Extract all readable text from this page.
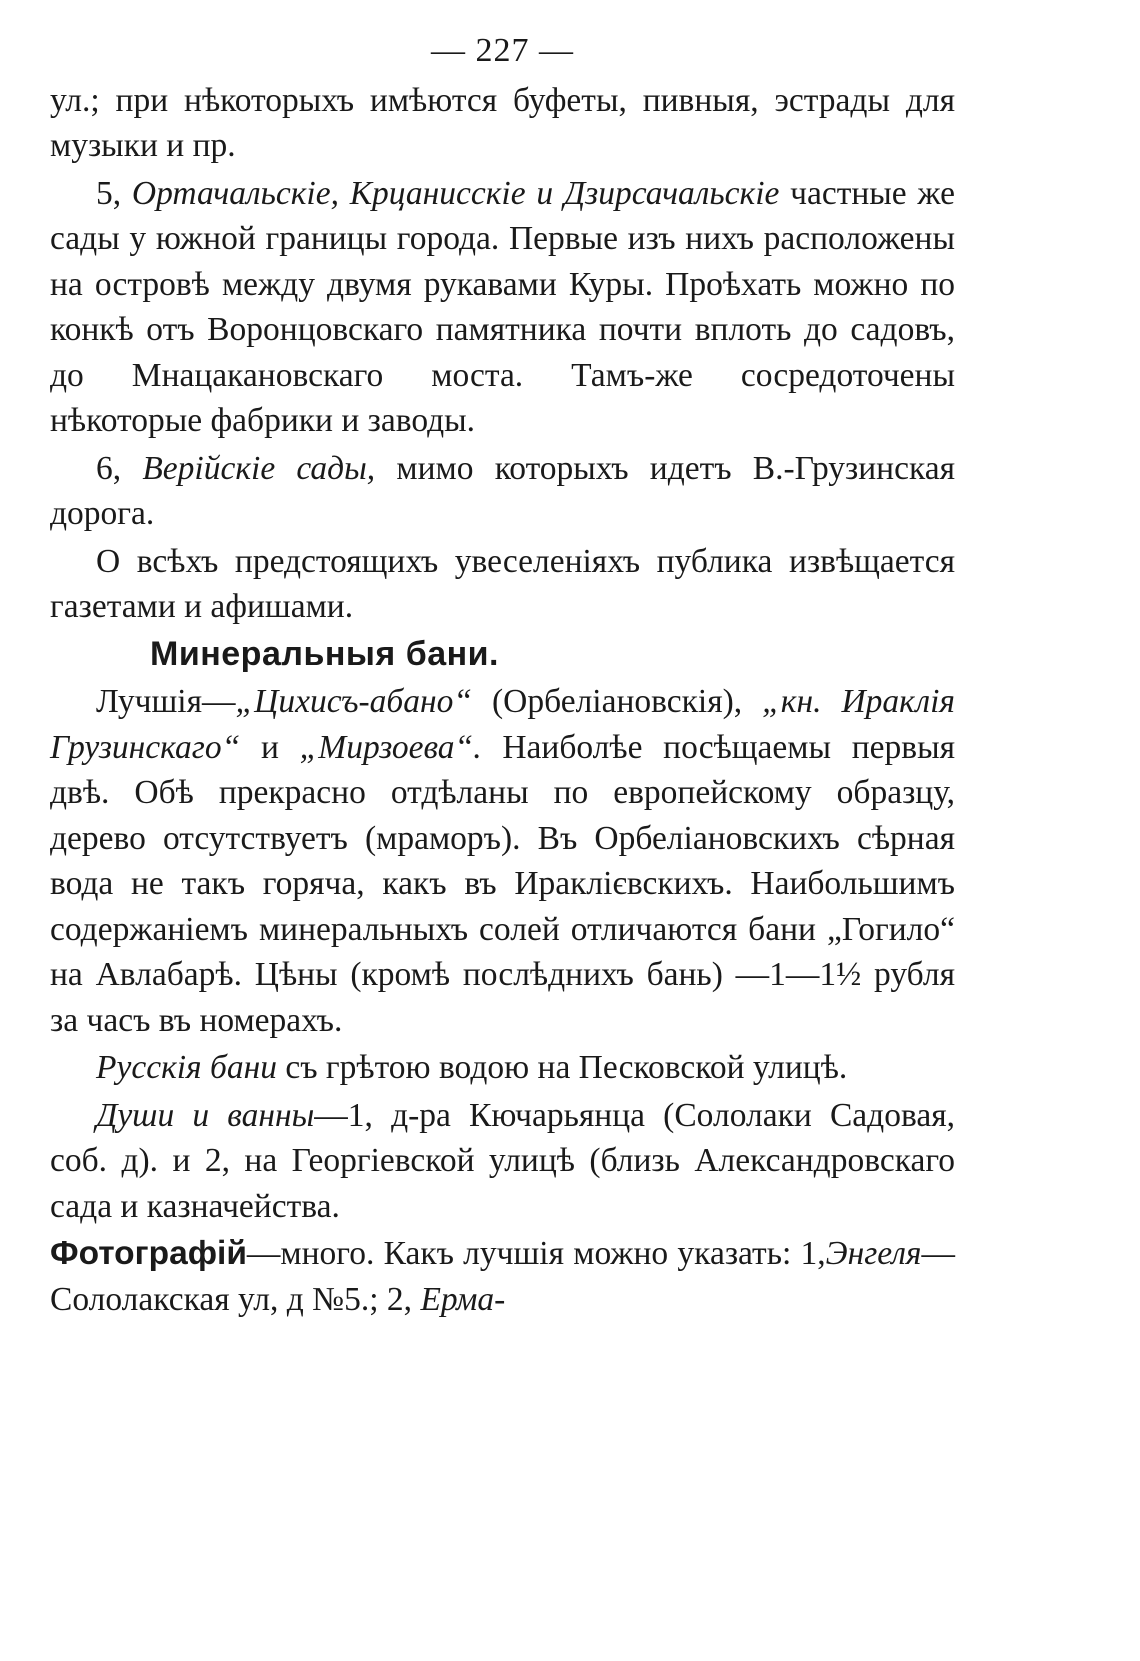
— 227 —

ул.; при нѣкоторыхъ имѣются буфеты, пивныя, эстрады для музыки и пр.

5, Ортачальскіе, Крцанисскіе и Дзирсачальскіе частные же сады у южной границы города. Первые изъ нихъ расположены на островѣ между двумя рукавами Куры. Проѣхать можно по конкѣ отъ Воронцовскаго памятника почти вплоть до садовъ, до Мнацакановскаго моста. Тамъ-же сосредоточены нѣкоторые фабрики и заводы.

6, Верійскіе сады, мимо которыхъ идетъ В.-Грузинская дорога.

О всѣхъ предстоящихъ увеселеніяхъ публика извѣщается газетами и афишами.

Минеральныя бани.

Лучшія—„Цихисъ-абано“ (Орбеліановскія), „кн. Ираклія Грузинскаго“ и „Мирзоева“. Наиболѣе посѣщаемы первыя двѣ. Обѣ прекрасно отдѣланы по европейскому образцу, дерево отсутствуетъ (мраморъ). Въ Орбеліановскихъ сѣрная вода не такъ горяча, какъ въ Ираклієвскихъ. Наибольшимъ содержаніемъ минеральныхъ солей отличаются бани „Гогило“ на Авлабарѣ. Цѣны (кромѣ послѣднихъ бань) —1—1½ рубля за часъ въ номерахъ.

Русскія бани съ грѣтою водою на Песковской улицѣ.

Души и ванны—1, д-ра Кючарьянца (Сололаки Садовая, соб. д). и 2, на Георгіевской улицѣ (близь Александровскаго сада и казначейства.

Фотографій—много. Какъ лучшія можно указать: 1,Энгеля—Сололакская ул, д №5.; 2, Ерма-
